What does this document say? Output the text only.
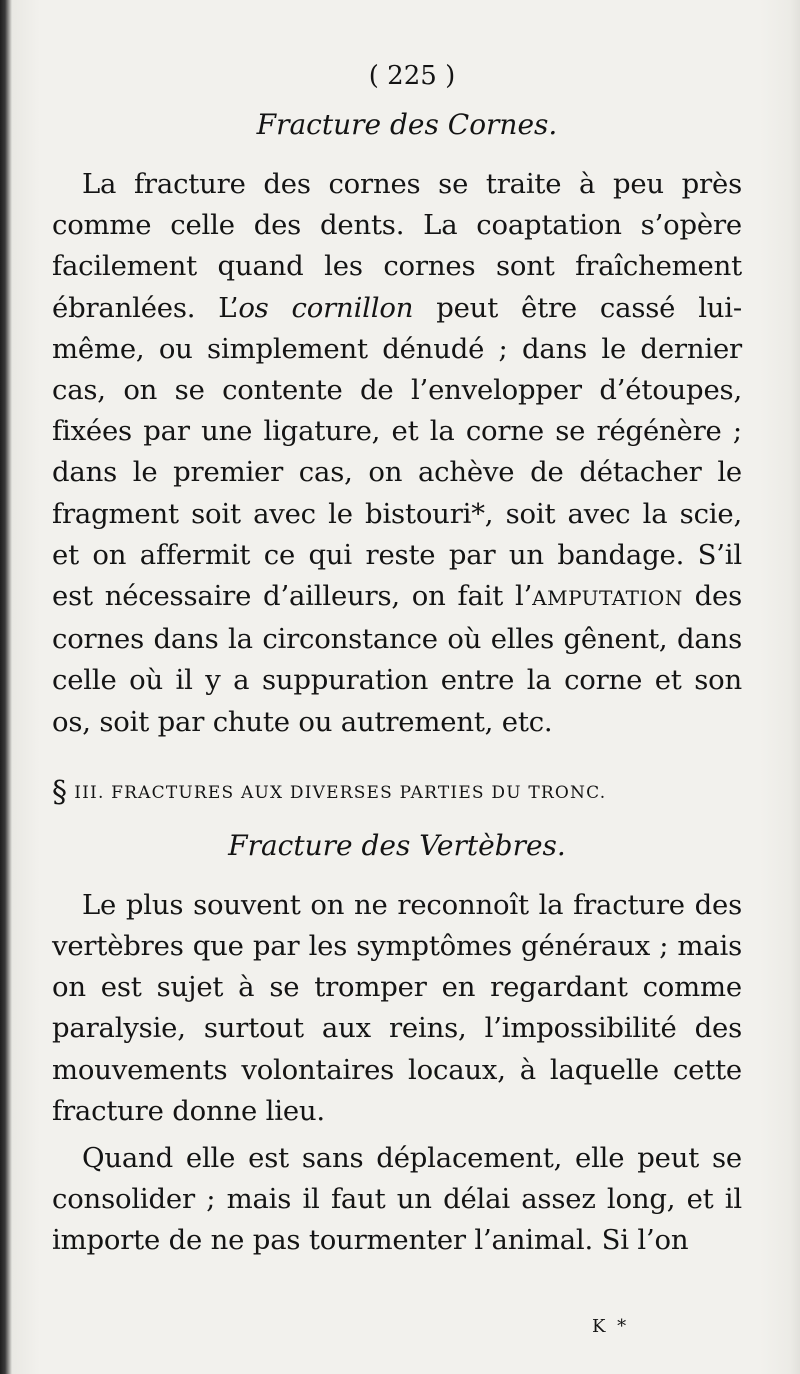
( 225 )
Fracture des Cornes.

La fracture des cornes se traite à peu près comme celle des dents. La coaptation s’opère facilement quand les cornes sont fraîchement ébranlées. L’os cornillon peut être cassé lui-même, ou simplement dénudé ; dans le dernier cas, on se contente de l’envelopper d’étoupes, fixées par une ligature, et la corne se régénère ; dans le premier cas, on achève de détacher le fragment soit avec le bistouri*, soit avec la scie, et on affermit ce qui reste par un bandage. S’il est nécessaire d’ailleurs, on fait l’AMPUTATION des cornes dans la circonstance où elles gênent, dans celle où il y a suppuration entre la corne et son os, soit par chute ou autrement, etc.

§ III. FRACTURES AUX DIVERSES PARTIES DU TRONC.
Fracture des Vertèbres.

Le plus souvent on ne reconnoît la fracture des vertèbres que par les symptômes généraux ; mais on est sujet à se tromper en regardant comme paralysie, surtout aux reins, l’impossibilité des mouvements volontaires locaux, à laquelle cette fracture donne lieu.

Quand elle est sans déplacement, elle peut se consolider ; mais il faut un délai assez long, et il importe de ne pas tourmenter l’animal. Si l’on

K *
